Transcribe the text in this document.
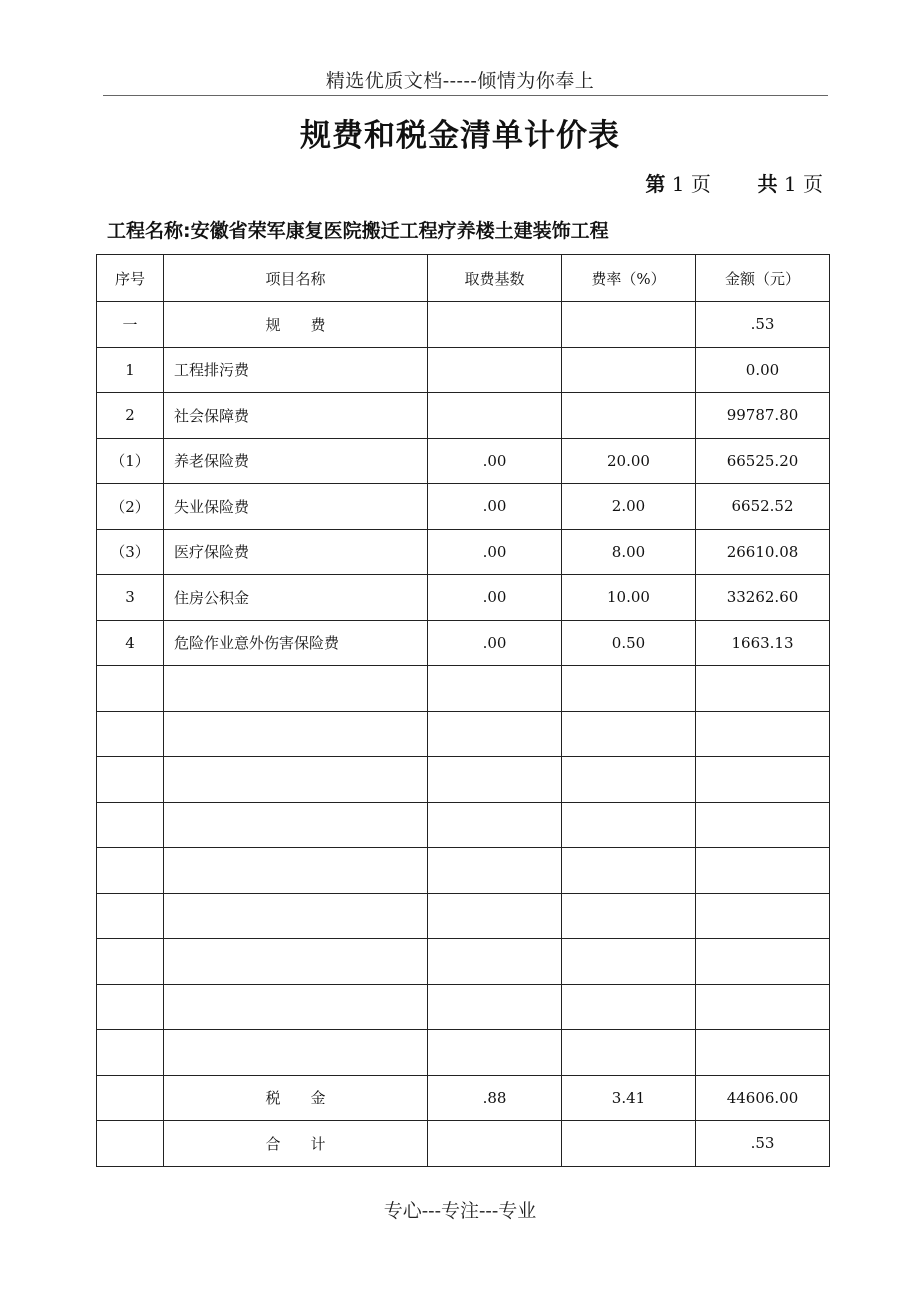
精选优质文档-----倾情为你奉上
规费和税金清单计价表
第 1 页 共 1 页
工程名称:安徽省荣军康复医院搬迁工程疗养楼土建装饰工程
序号	项目名称	取费基数	费率（%）	金额（元）
一	规　　费			.53
1	工程排污费			0.00
2	社会保障费			99787.80
（1）	养老保险费	.00	20.00	66525.20
（2）	失业保险费	.00	2.00	6652.52
（3）	医疗保险费	.00	8.00	26610.08
3	住房公积金	.00	10.00	33262.60
4	危险作业意外伤害保险费	.00	0.50	1663.13

	税　　金	.88	3.41	44606.00
	合　　计			.53
专心---专注---专业
